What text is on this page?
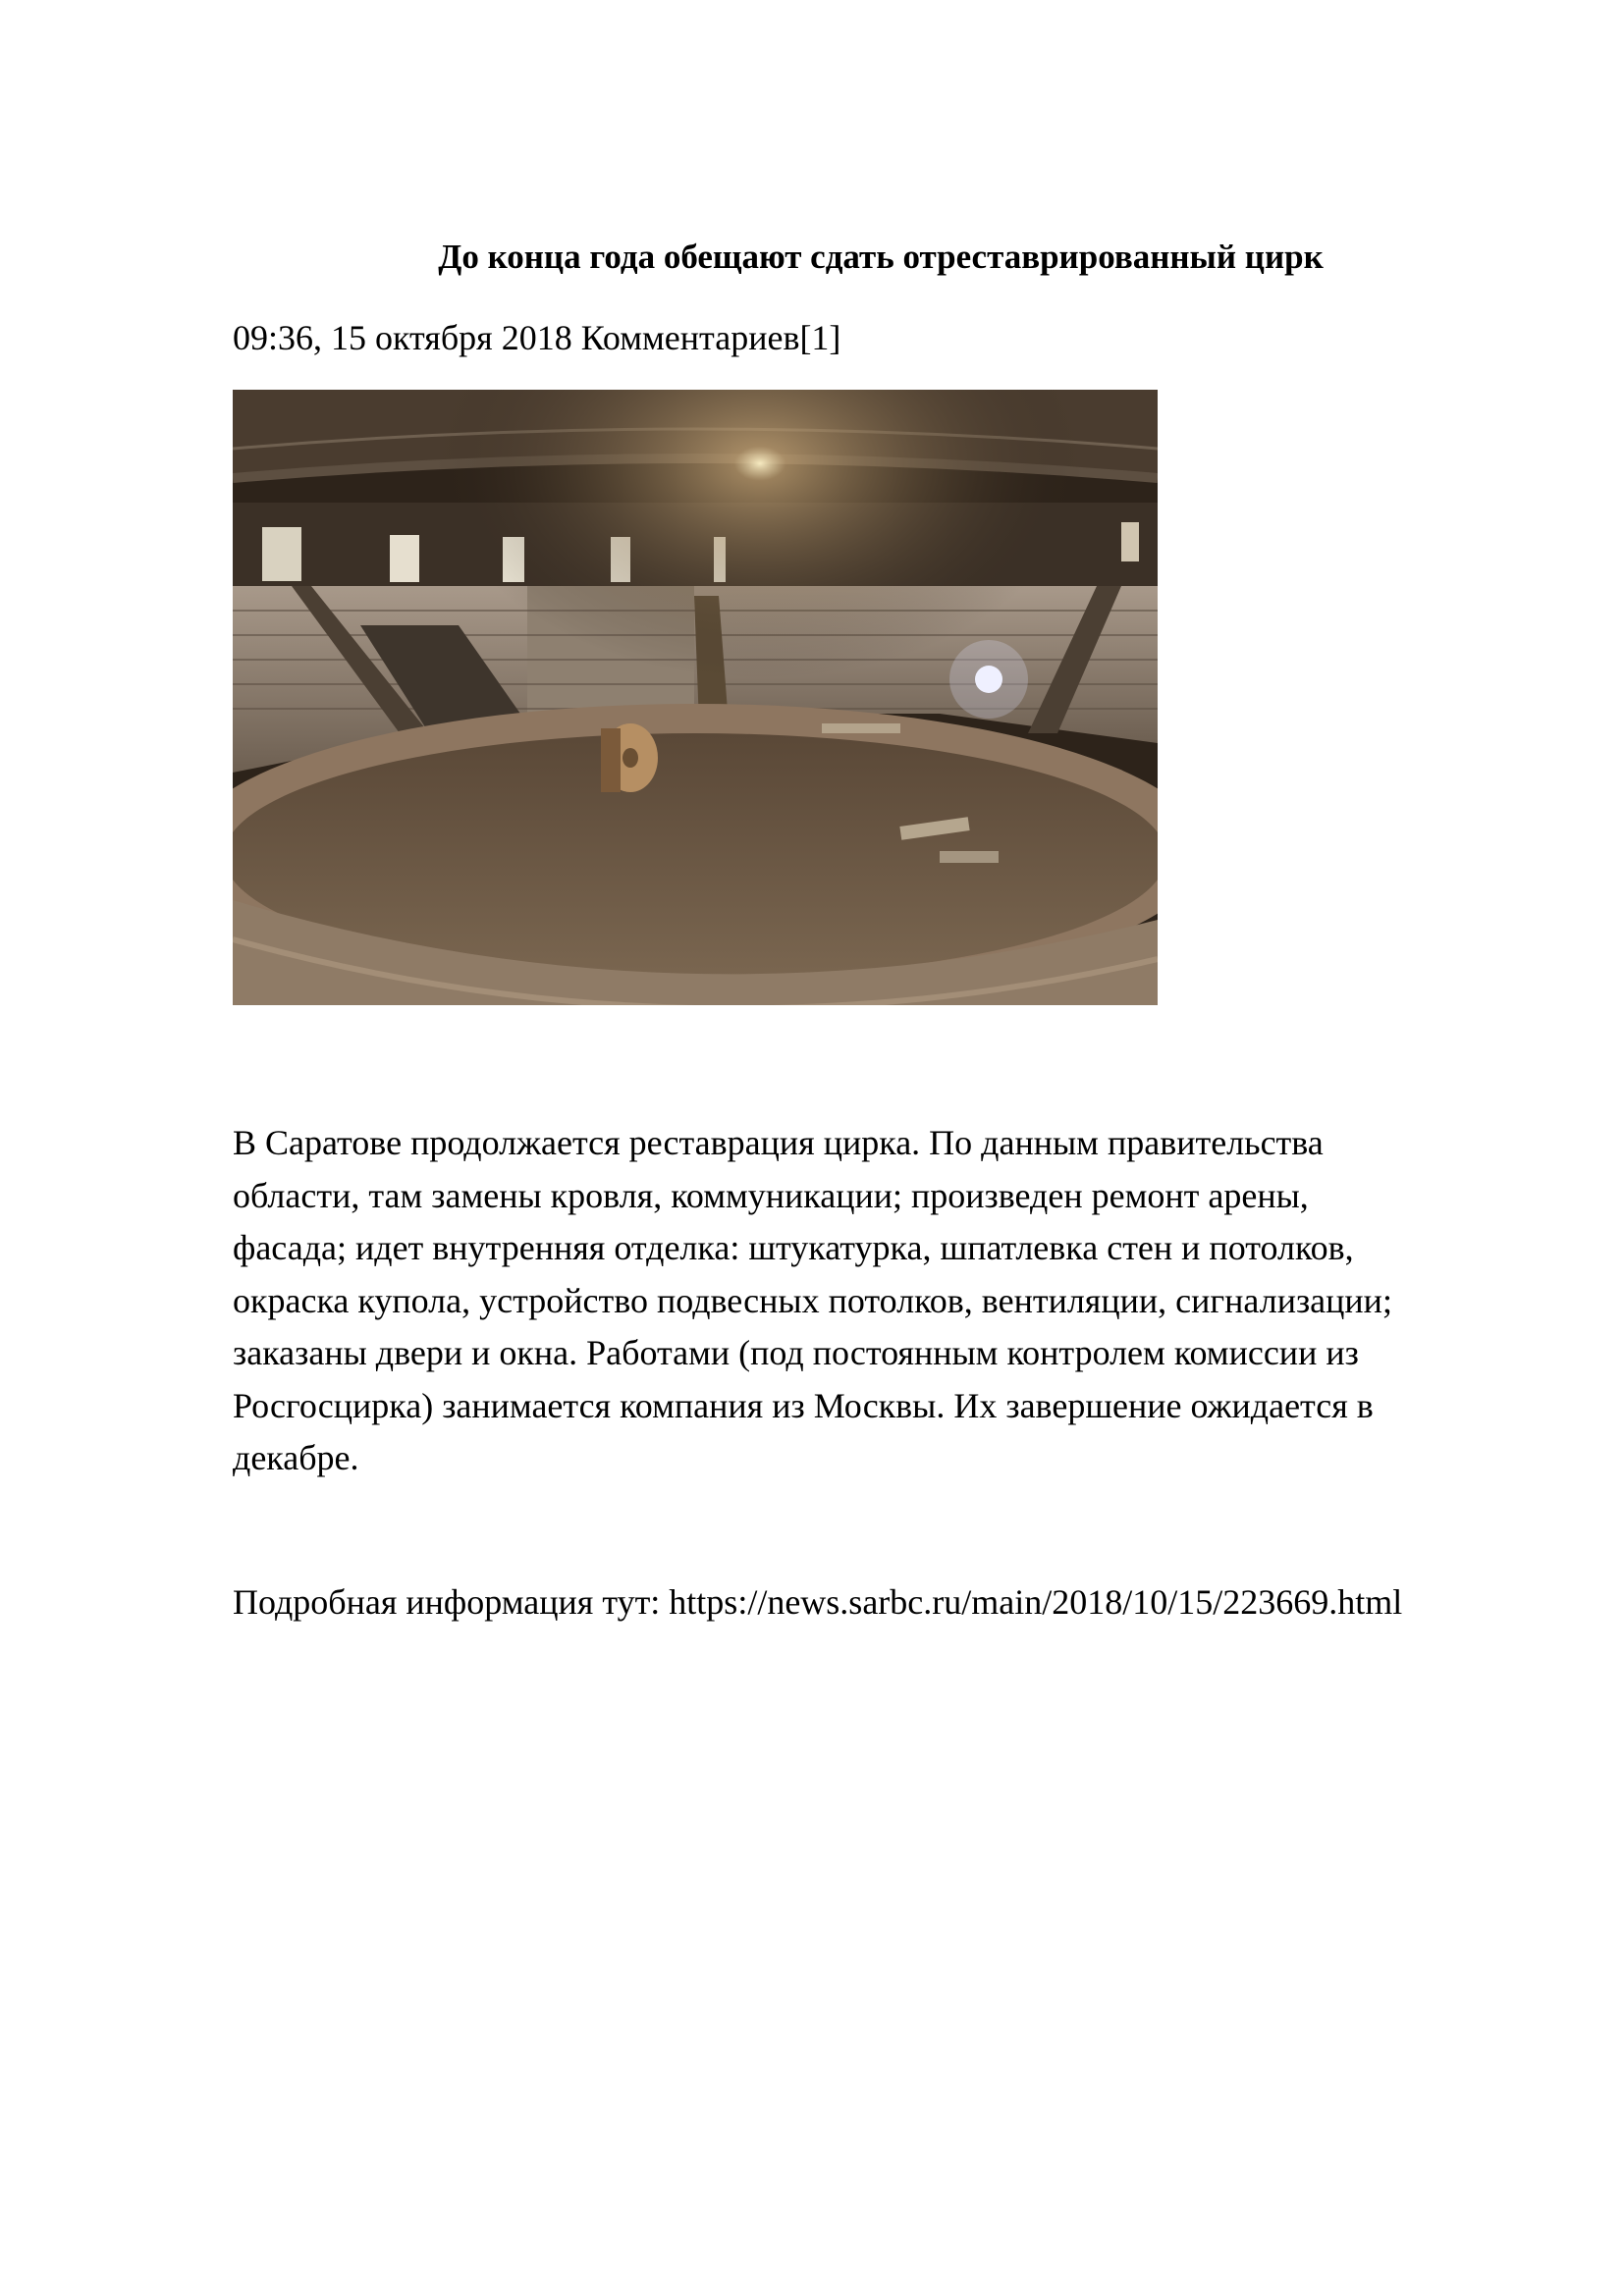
До конца года обещают сдать отреставрированный цирк
09:36, 15 октября 2018 Комментариев[1]
В Саратове продолжается реставрация цирка. По данным правительства
области, там замены кровля, коммуникации; произведен ремонт арены,
фасада; идет внутренняя отделка: штукатурка, шпатлевка стен и потолков,
окраска купола, устройство подвесных потолков, вентиляции, сигнализации;
заказаны двери и окна. Работами (под постоянным контролем комиссии из
Росгосцирка) занимается компания из Москвы. Их завершение ожидается в
декабре.
Подробная информация тут: https://news.sarbc.ru/main/2018/10/15/223669.html
